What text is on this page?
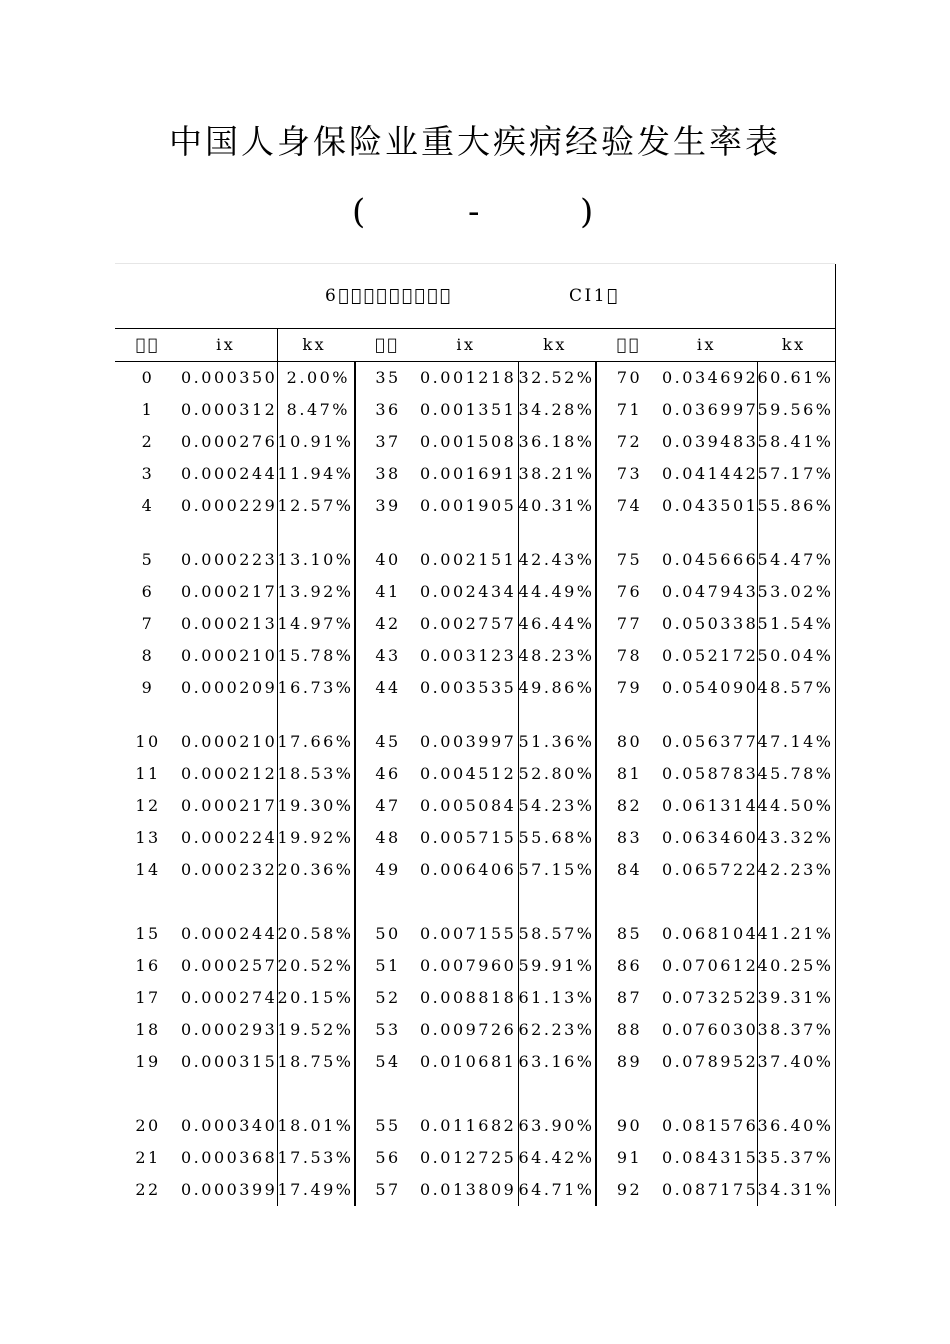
中国人身保险业重大疾病经验发生率表
(	-	)

6          CI1 								

  	ix	kx	  	ix	kx	  	ix	kx
0	0.000350	2.00%	35	0.001218	32.52%	70	0.034692	60.61%
1	0.000312	8.47%	36	0.001351	34.28%	71	0.036997	59.56%
2	0.000276	10.91%	37	0.001508	36.18%	72	0.039483	58.41%
3	0.000244	11.94%	38	0.001691	38.21%	73	0.041442	57.17%
4	0.000229	12.57%	39	0.001905	40.31%	74	0.043501	55.86%

5	0.000223	13.10%	40	0.002151	42.43%	75	0.045666	54.47%
6	0.000217	13.92%	41	0.002434	44.49%	76	0.047943	53.02%
7	0.000213	14.97%	42	0.002757	46.44%	77	0.050338	51.54%
8	0.000210	15.78%	43	0.003123	48.23%	78	0.052172	50.04%
9	0.000209	16.73%	44	0.003535	49.86%	79	0.054090	48.57%

10	0.000210	17.66%	45	0.003997	51.36%	80	0.056377	47.14%
11	0.000212	18.53%	46	0.004512	52.80%	81	0.058783	45.78%
12	0.000217	19.30%	47	0.005084	54.23%	82	0.061314	44.50%
13	0.000224	19.92%	48	0.005715	55.68%	83	0.063460	43.32%
14	0.000232	20.36%	49	0.006406	57.15%	84	0.065722	42.23%

15	0.000244	20.58%	50	0.007155	58.57%	85	0.068104	41.21%
16	0.000257	20.52%	51	0.007960	59.91%	86	0.070612	40.25%
17	0.000274	20.15%	52	0.008818	61.13%	87	0.073252	39.31%
18	0.000293	19.52%	53	0.009726	62.23%	88	0.076030	38.37%
19	0.000315	18.75%	54	0.010681	63.16%	89	0.078952	37.40%

20	0.000340	18.01%	55	0.011682	63.90%	90	0.081576	36.40%
21	0.000368	17.53%	56	0.012725	64.42%	91	0.084315	35.37%
22	0.000399	17.49%	57	0.013809	64.71%	92	0.087175	34.31%
